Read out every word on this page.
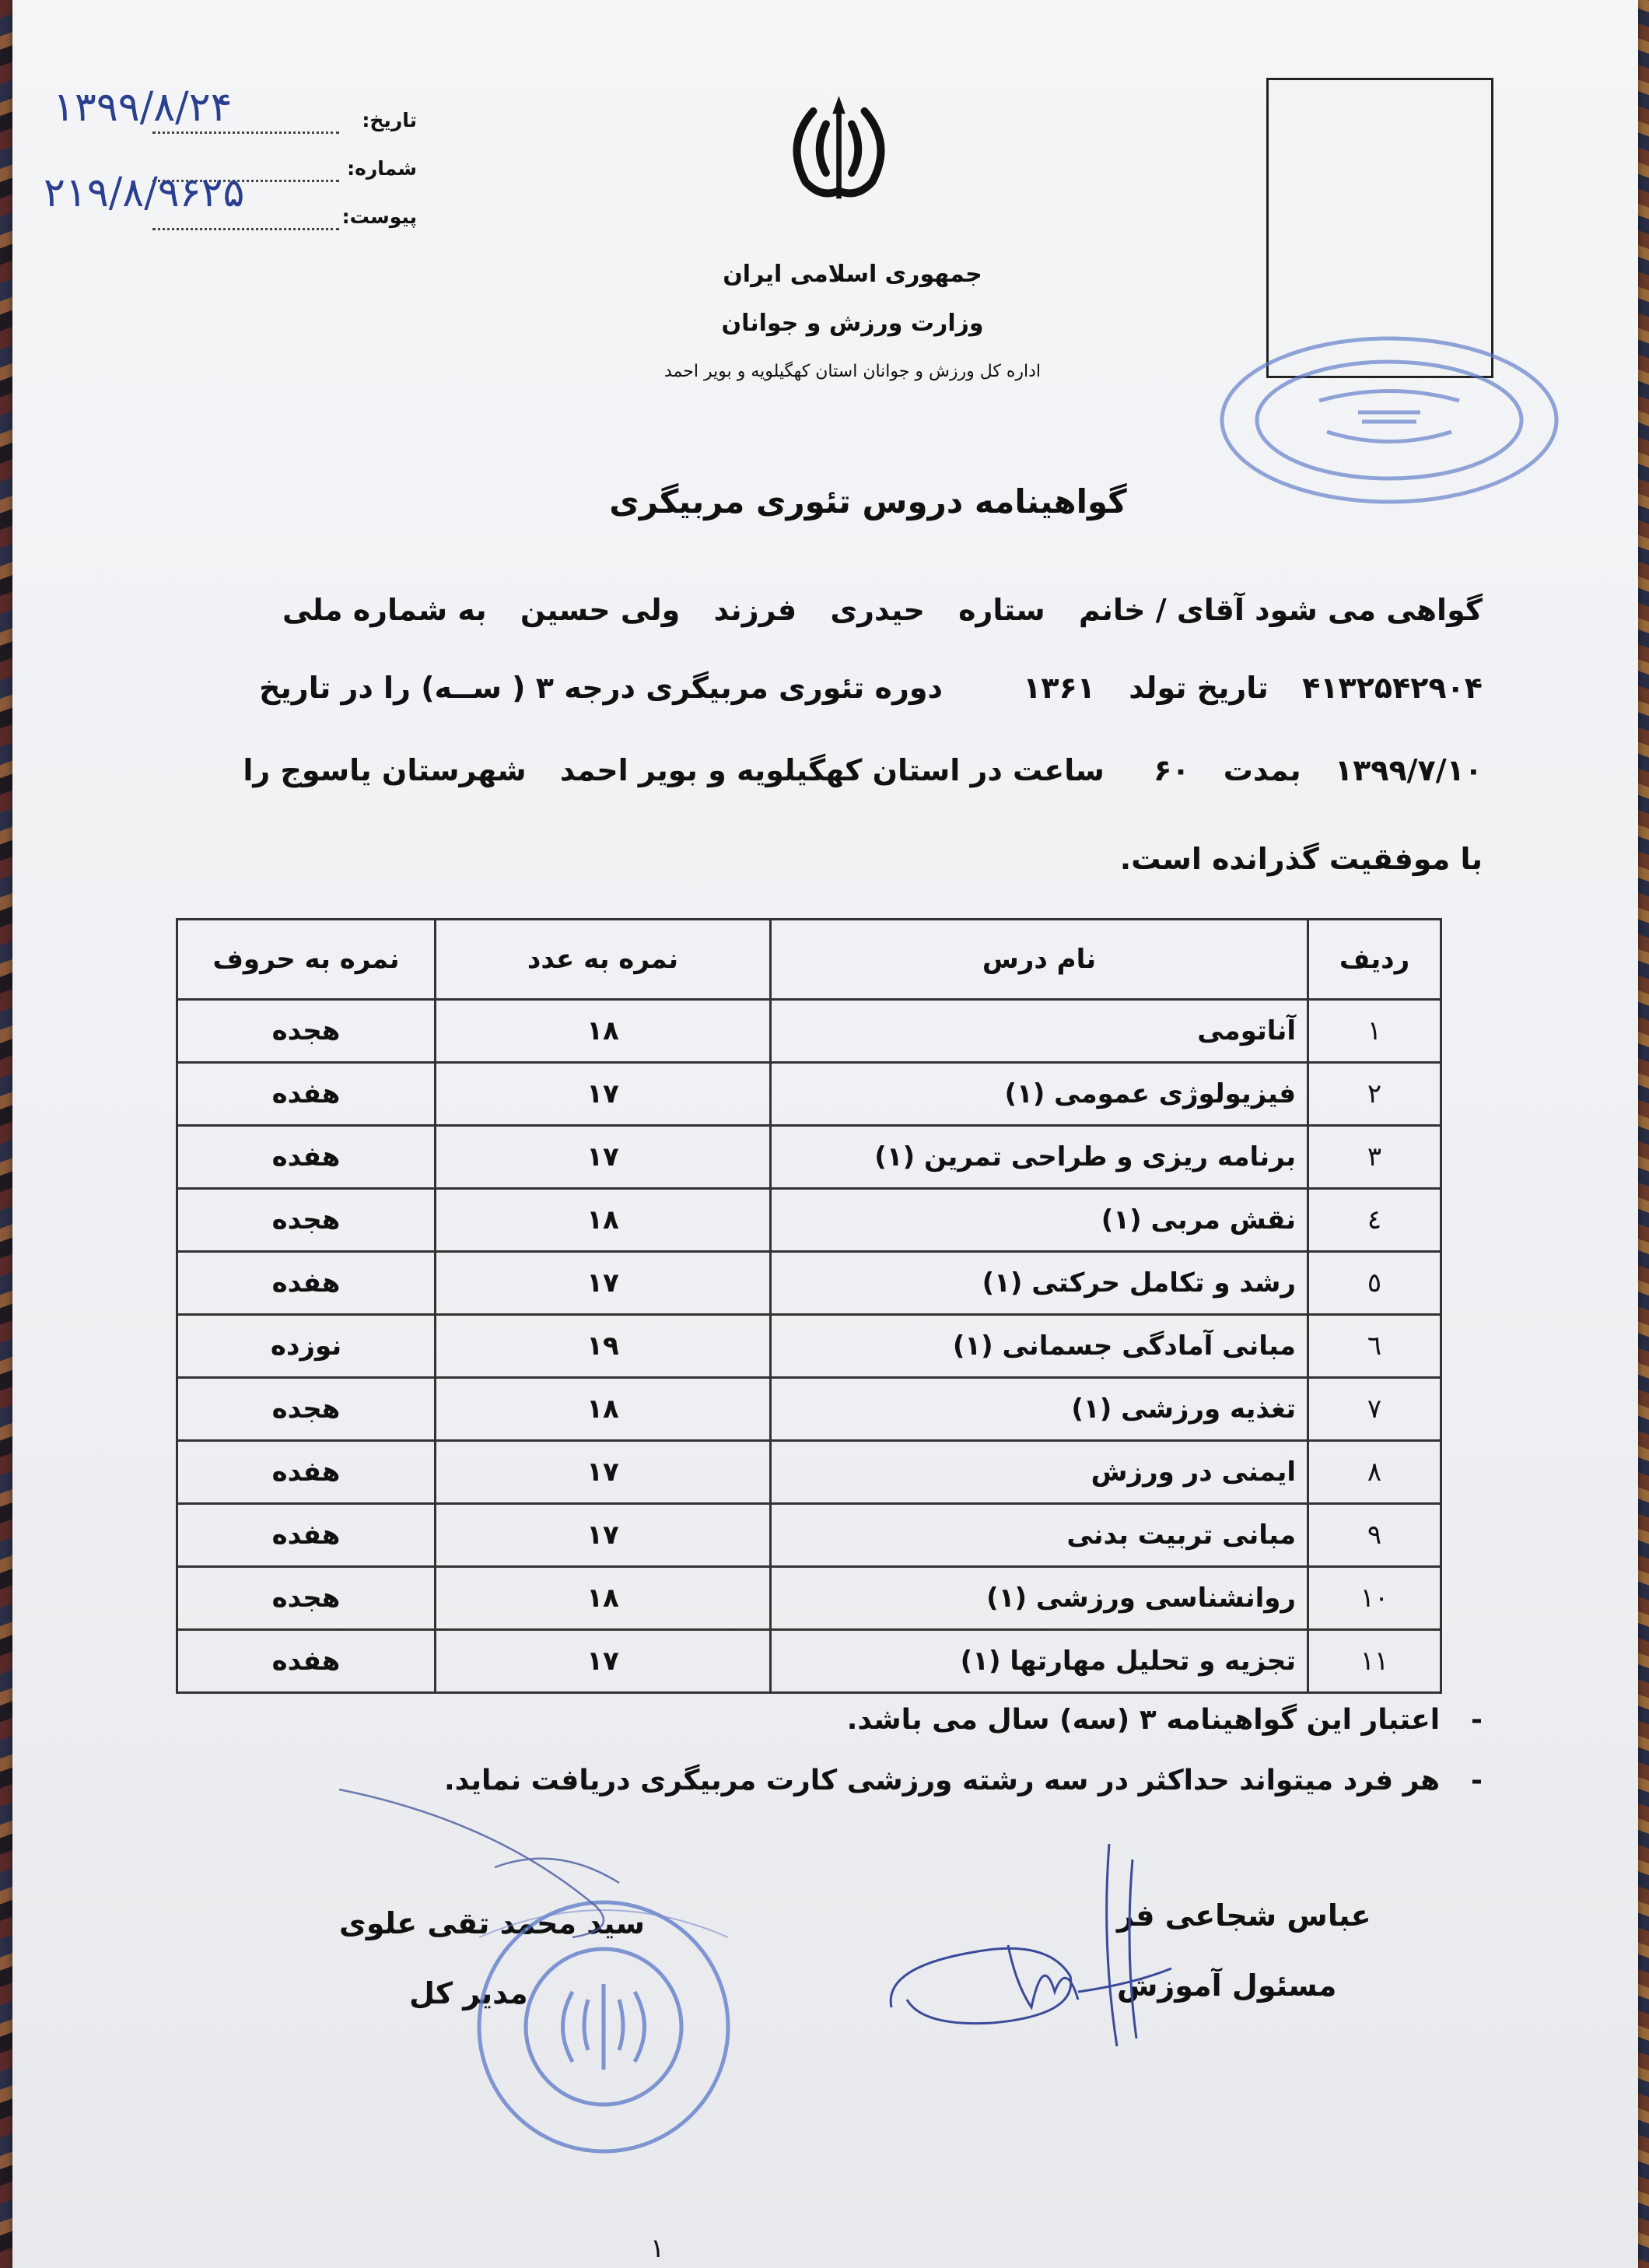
تاریخ:
شماره:
پیوست:
۱۳۹۹/۸/۲۴
۲۱۹/۸/۹۶۲۵
جمهوری اسلامی ایران
وزارت ورزش و جوانان
اداره کل ورزش و جوانان استان کهگیلویه و بویر احمد
گواهینامه دروس تئوری مربیگری
گواهی می شود آقای / خانم ستاره حیدری فرزند ولی حسین به شماره ملی
۴۱۳۲۵۴۲۹۰۴ تاریخ تولد ۱۳۶۱ دوره تئوری مربیگری درجه ۳ ( ســه) را در تاریخ
۱۳۹۹/۷/۱۰ بمدت ۶۰ ساعت در استان کهگیلویه و بویر احمد شهرستان یاسوج را
با موفقیت گذرانده است.
ردیف	نام درس	نمره به عدد	نمره به حروف
۱	آناتومی	۱۸	هجده
۲	فیزیولوژی عمومی (۱)	۱۷	هفده
۳	برنامه ریزی و طراحی تمرین (۱)	۱۷	هفده
٤	نقش مربی (۱)	۱۸	هجده
٥	رشد و تکامل حرکتی (۱)	۱۷	هفده
٦	مبانی آمادگی جسمانی (۱)	۱۹	نوزده
۷	تغذیه ورزشی (۱)	۱۸	هجده
۸	ایمنی در ورزش	۱۷	هفده
۹	مبانی تربیت بدنی	۱۷	هفده
۱۰	روانشناسی ورزشی (۱)	۱۸	هجده
۱۱	تجزیه و تحلیل مهارتها (۱)	۱۷	هفده
-اعتبار این گواهینامه ۳ (سه) سال می باشد.
-هر فرد میتواند حداکثر در سه رشته ورزشی کارت مربیگری دریافت نماید.
عباس شجاعی فر
مسئول آموزش
سید محمد تقی علوی
مدیر کل
۱
